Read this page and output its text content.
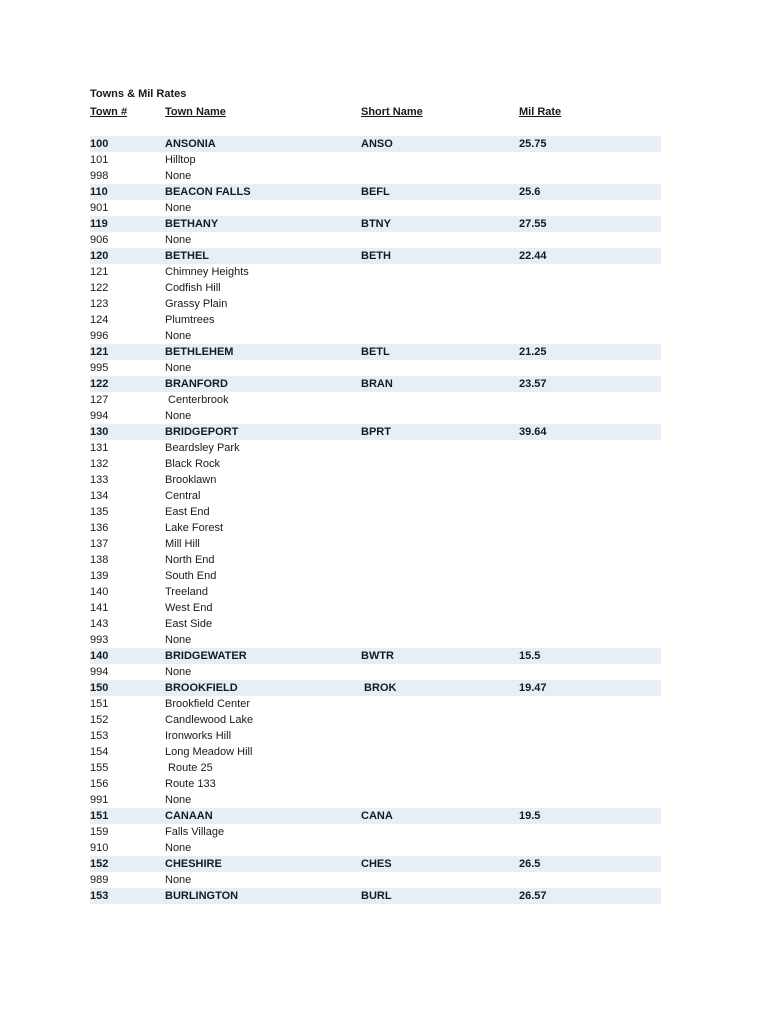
Towns & Mil Rates
Town #	Town Name	Short Name	Mil Rate
100	ANSONIA	ANSO	25.75
101	Hilltop
998	None
110	BEACON FALLS	BEFL	25.6
901	None
119	BETHANY	BTNY	27.55
906	None
120	BETHEL	BETH	22.44
121	Chimney Heights
122	Codfish Hill
123	Grassy Plain
124	Plumtrees
996	None
121	BETHLEHEM	BETL	21.25
995	None
122	BRANFORD	BRAN	23.57
127	Centerbrook
994	None
130	BRIDGEPORT	BPRT	39.64
131	Beardsley Park
132	Black Rock
133	Brooklawn
134	Central
135	East End
136	Lake Forest
137	Mill Hill
138	North End
139	South End
140	Treeland
141	West End
143	East Side
993	None
140	BRIDGEWATER	BWTR	15.5
994	None
150	BROOKFIELD	BROK	19.47
151	Brookfield Center
152	Candlewood Lake
153	Ironworks Hill
154	Long Meadow Hill
155	Route 25
156	Route 133
991	None
151	CANAAN	CANA	19.5
159	Falls Village
910	None
152	CHESHIRE	CHES	26.5
989	None
153	BURLINGTON	BURL	26.57
